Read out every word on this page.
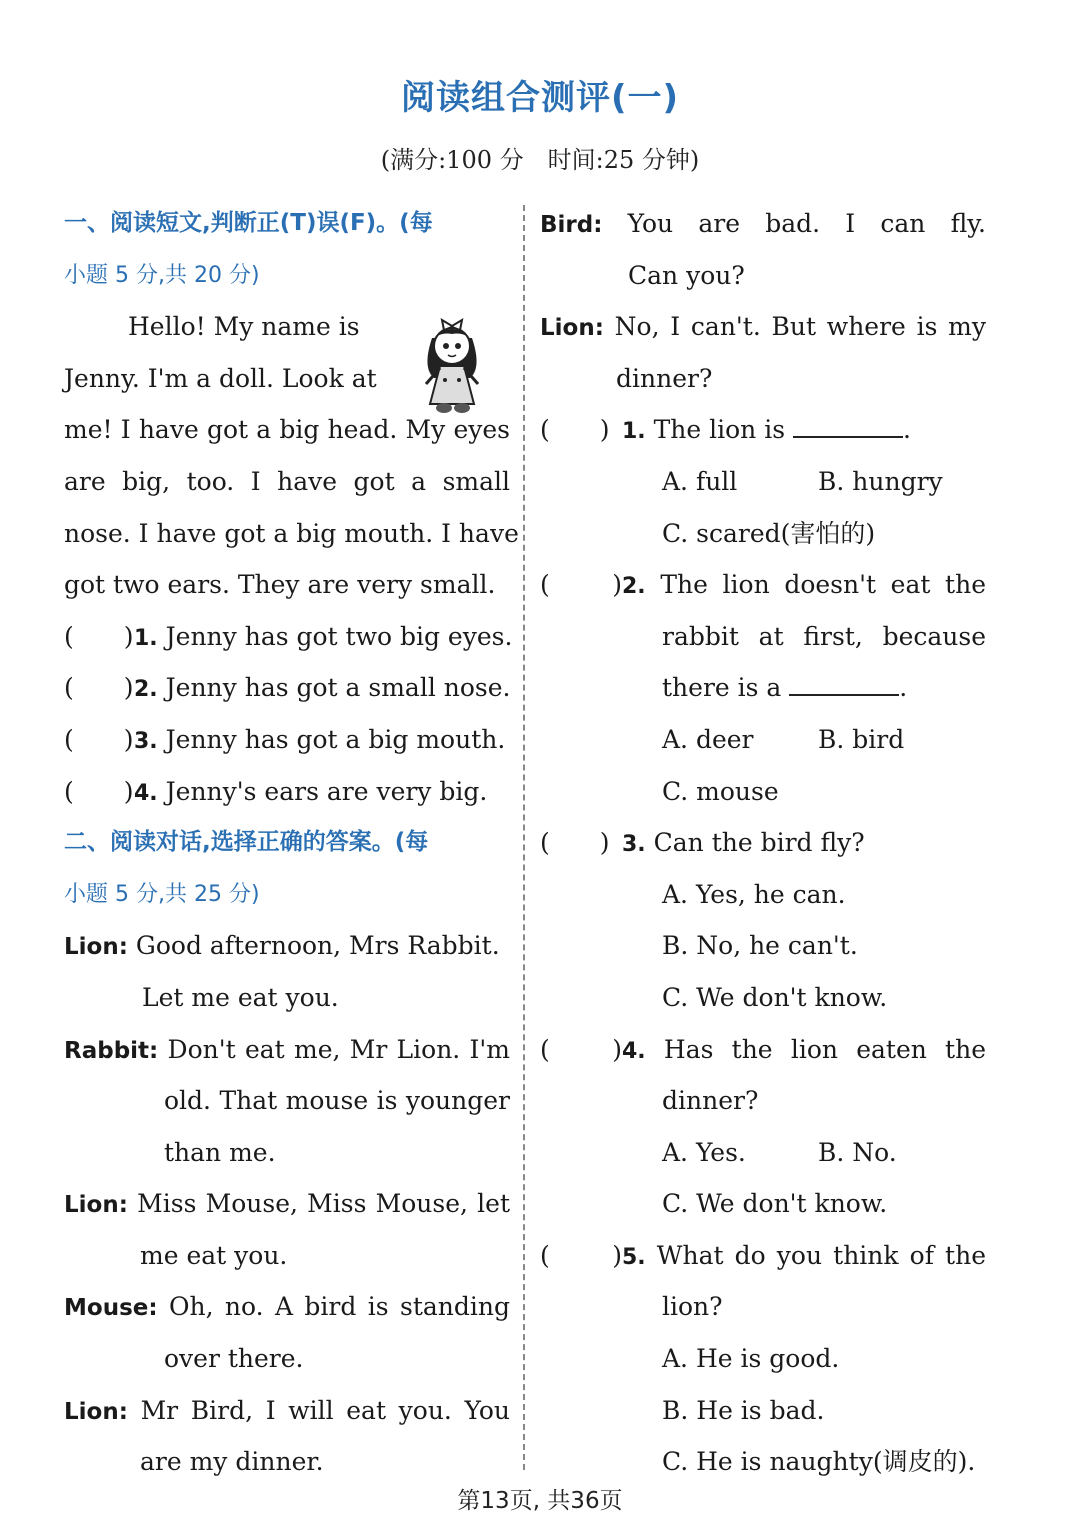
阅读组合测评(一)
(满分:100 分　时间:25 分钟)
一、阅读短文,判断正(T)误(F)。(每
小题 5 分,共 20 分)
Hello! My name is
Jenny. I'm a doll. Look at
me! I have got a big head. My eyes
are big, too. I have got a small
nose. I have got a big mouth. I have
got two ears. They are very small.
(　　)1. Jenny has got two big eyes.
(　　)2. Jenny has got a small nose.
(　　)3. Jenny has got a big mouth.
(　　)4. Jenny's ears are very big.
二、阅读对话,选择正确的答案。(每
小题 5 分,共 25 分)
Lion: Good afternoon, Mrs Rabbit.
Let me eat you.
Rabbit: Don't eat me, Mr Lion. I'm
old. That mouse is younger
than me.
Lion: Miss Mouse, Miss Mouse, let
me eat you.
Mouse: Oh, no. A bird is standing
over there.
Lion: Mr Bird, I will eat you. You
are my dinner.
Bird: You are bad. I can fly.
Can you?
Lion: No, I can't. But where is my
dinner?
(　　) 1. The lion is	.
A. full	B. hungry
C. scared(害怕的)
(　　)2. The lion doesn't eat the
rabbit at first, because
there is a	.
A. deer	B. bird
C. mouse
(　　) 3. Can the bird fly?
A. Yes, he can.
B. No, he can't.
C. We don't know.
(　　)4. Has the lion eaten the
dinner?
A. Yes.	B. No.
C. We don't know.
(　　)5. What do you think of the
lion?
A. He is good.
B. He is bad.
C. He is naughty(调皮的).
第13页, 共36页
